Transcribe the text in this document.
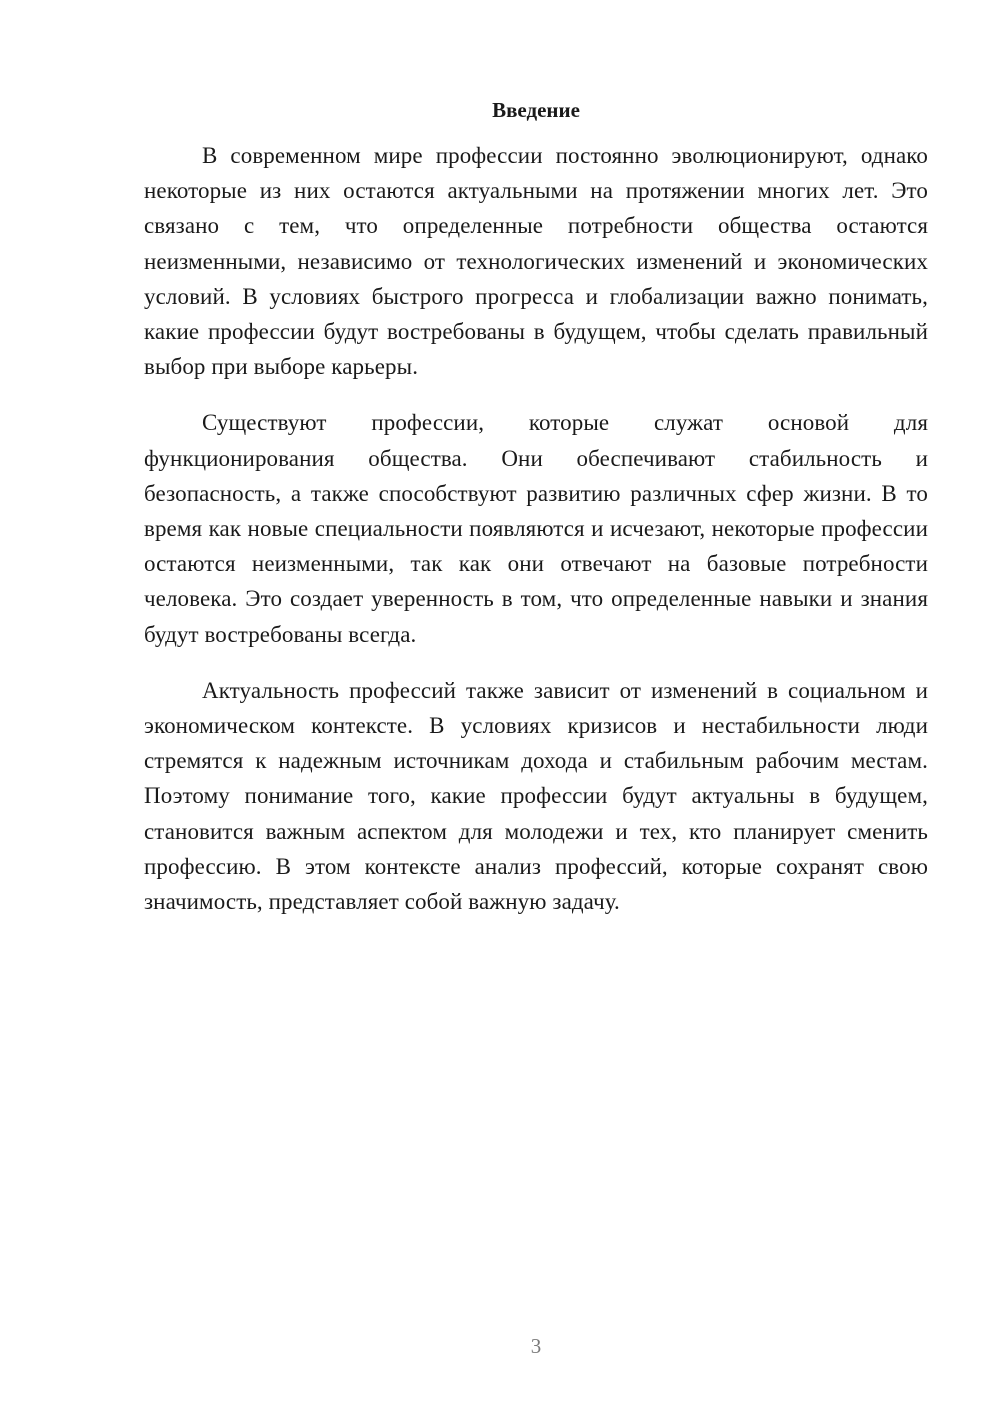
Введение

В современном мире профессии постоянно эволюционируют, однако некоторые из них остаются актуальными на протяжении многих лет. Это связано с тем, что определенные потребности общества остаются неизменными, независимо от технологических изменений и экономических условий. В условиях быстрого прогресса и глобализации важно понимать, какие профессии будут востребованы в будущем, чтобы сделать правильный выбор при выборе карьеры.

Существуют профессии, которые служат основой для функционирования общества. Они обеспечивают стабильность и безопасность, а также способствуют развитию различных сфер жизни. В то время как новые специальности появляются и исчезают, некоторые профессии остаются неизменными, так как они отвечают на базовые потребности человека. Это создает уверенность в том, что определенные навыки и знания будут востребованы всегда.

Актуальность профессий также зависит от изменений в социальном и экономическом контексте. В условиях кризисов и нестабильности люди стремятся к надежным источникам дохода и стабильным рабочим местам. Поэтому понимание того, какие профессии будут актуальны в будущем, становится важным аспектом для молодежи и тех, кто планирует сменить профессию. В этом контексте анализ профессий, которые сохранят свою значимость, представляет собой важную задачу.

3
